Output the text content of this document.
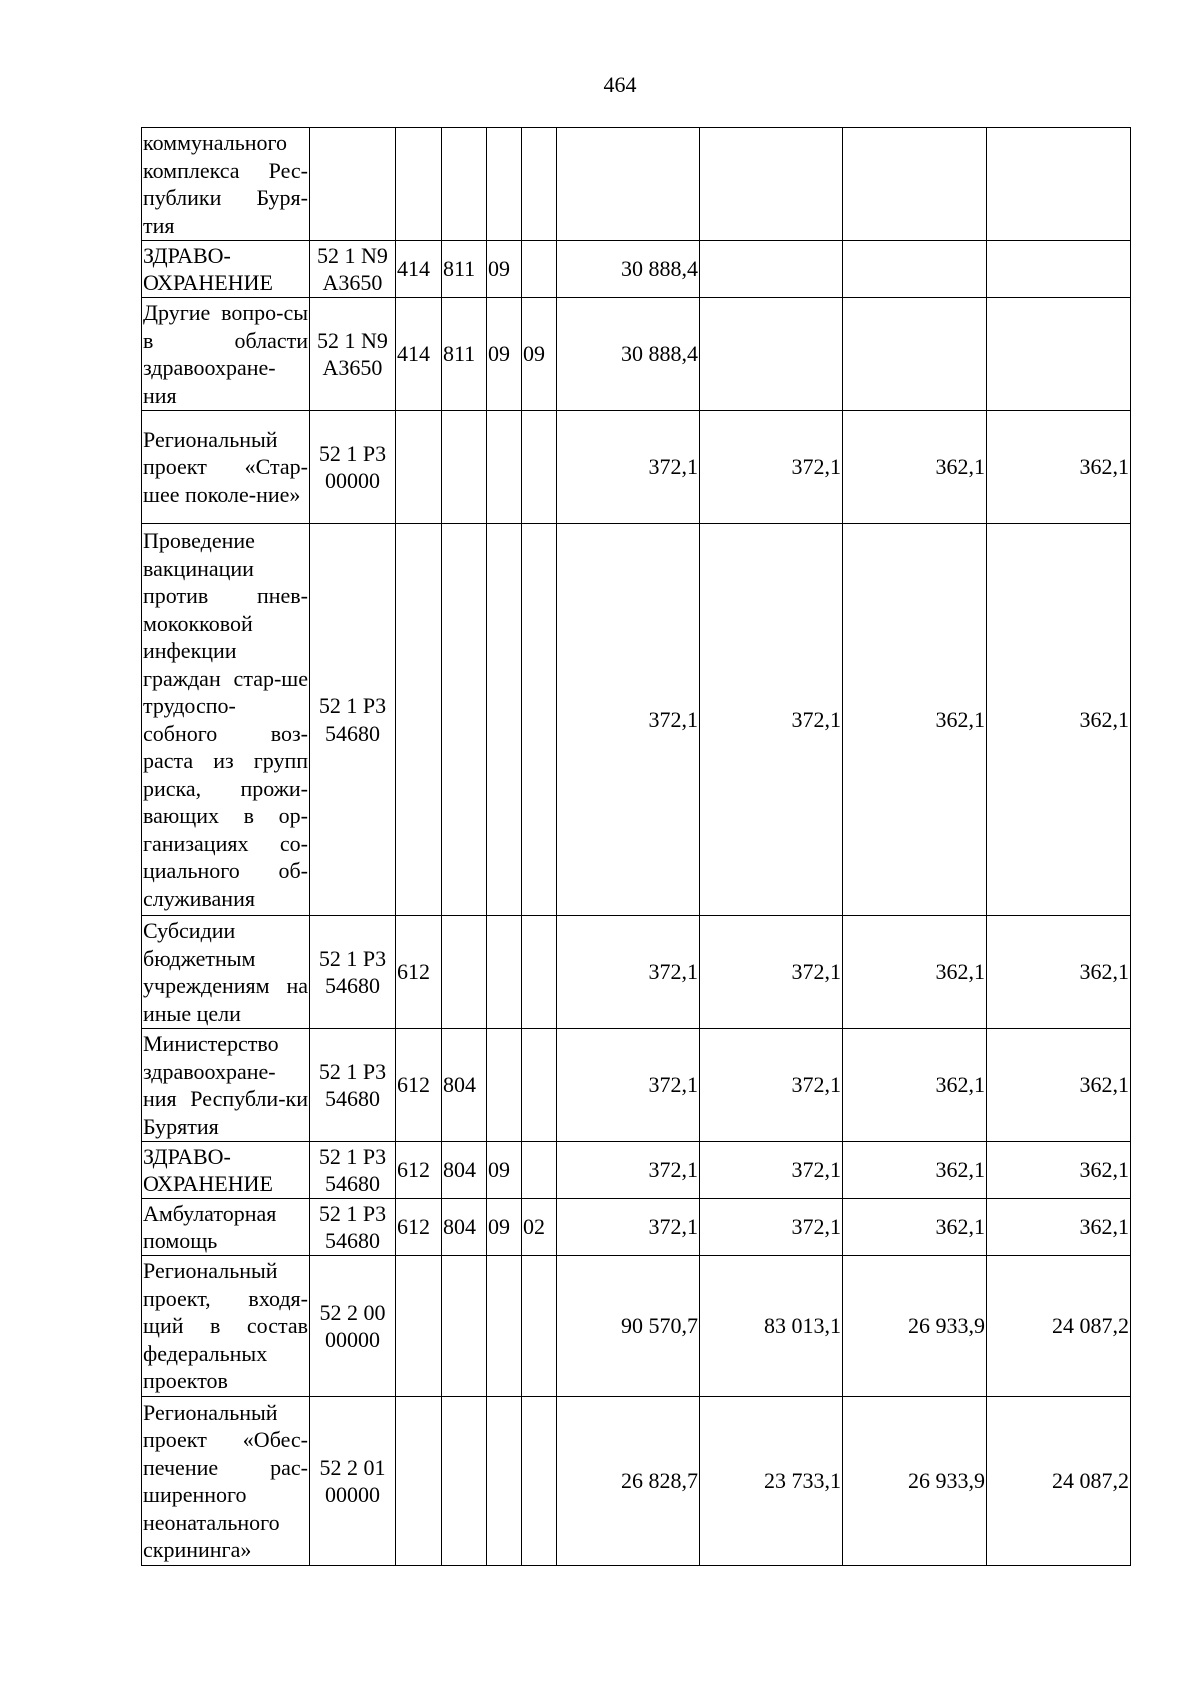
464
коммунального комплекса Рес-публики Буря-тия									
ЗДРАВО-ОХРАНЕНИЕ	52 1 N9 А3650	414	811	09		30 888,4			
Другие вопро-сы в области здравоохране-ния	52 1 N9 А3650	414	811	09	09	30 888,4			
Региональный проект «Стар-шее поколе-ние»	52 1 Р3 00000					372,1	372,1	362,1	362,1
Проведение вакцинации против пнев-мококковой инфекции граждан стар-ше трудоспо-собного воз-раста из групп риска, прожи-вающих в ор-ганизациях со-циального об-служивания	52 1 Р3 54680					372,1	372,1	362,1	362,1
Субсидии бюджетным учреждениям на иные цели	52 1 Р3 54680	612				372,1	372,1	362,1	362,1
Министерство здравоохране-ния Республи-ки Бурятия	52 1 Р3 54680	612	804			372,1	372,1	362,1	362,1
ЗДРАВО-ОХРАНЕНИЕ	52 1 Р3 54680	612	804	09		372,1	372,1	362,1	362,1
Амбулаторная помощь	52 1 Р3 54680	612	804	09	02	372,1	372,1	362,1	362,1
Региональный проект, входя-щий в состав федеральных проектов	52 2 00 00000					90 570,7	83 013,1	26 933,9	24 087,2
Региональный проект «Обес-печение рас-ширенного неонатального скрининга»	52 2 01 00000					26 828,7	23 733,1	26 933,9	24 087,2
